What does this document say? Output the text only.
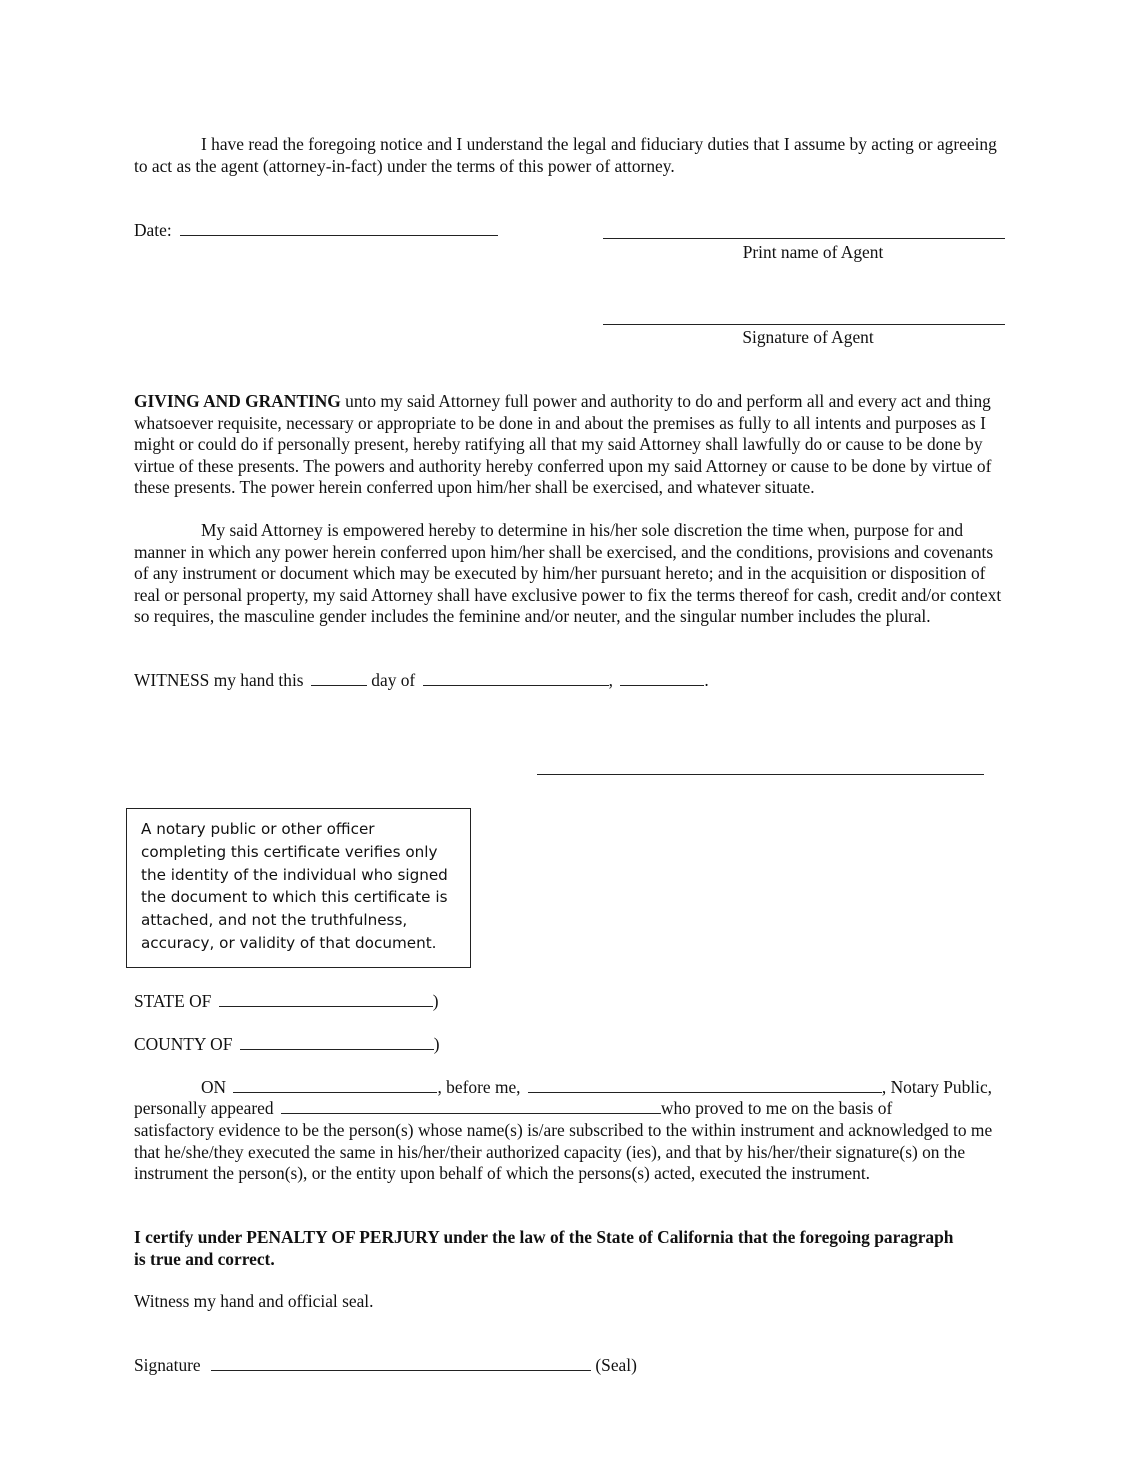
I have read the foregoing notice and I understand the legal and fiduciary duties that I assume by acting or agreeing to act as the agent (attorney-in-fact) under the terms of this power of attorney.

Date:
Print name of Agent
Signature of Agent

GIVING AND GRANTING unto my said Attorney full power and authority to do and perform all and every act and thing whatsoever requisite, necessary or appropriate to be done in and about the premises as fully to all intents and purposes as I might or could do if personally present, hereby ratifying all that my said Attorney shall lawfully do or cause to be done by virtue of these presents. The powers and authority hereby conferred upon my said Attorney or cause to be done by virtue of these presents. The power herein conferred upon him/her shall be exercised, and whatever situate.

My said Attorney is empowered hereby to determine in his/her sole discretion the time when, purpose for and manner in which any power herein conferred upon him/her shall be exercised, and the conditions, provisions and covenants of any instrument or document which may be executed by him/her pursuant hereto; and in the acquisition or disposition of real or personal property, my said Attorney shall have exclusive power to fix the terms thereof for cash, credit and/or context so requires, the masculine gender includes the feminine and/or neuter, and the singular number includes the plural.

WITNESS my hand this	day of	,	.

A notary public or other officer completing this certificate verifies only the identity of the individual who signed the document to which this certificate is attached, and not the truthfulness, accuracy, or validity of that document.

STATE OF	)
COUNTY OF	)
ON	, before me,	, Notary Public,
personally appeared	who proved to me on the basis of

satisfactory evidence to be the person(s) whose name(s) is/are subscribed to the within instrument and acknowledged to me that he/she/they executed the same in his/her/their authorized capacity (ies), and that by his/her/their signature(s) on the instrument the person(s), or the entity upon behalf of which the persons(s) acted, executed the instrument.

I certify under PENALTY OF PERJURY under the law of the State of California that the foregoing paragraph is true and correct.

Witness my hand and official seal.
Signature	(Seal)
